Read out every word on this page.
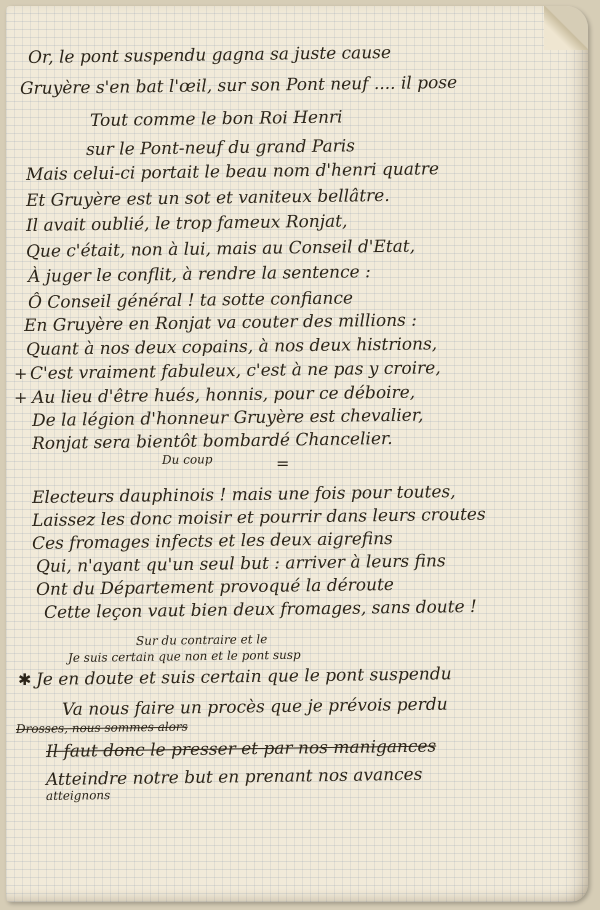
Or, le pont suspendu gagna sa juste cause

Gruyère s'en bat l'œil, sur son Pont neuf .... il pose

Tout comme le bon Roi Henri

sur le Pont-neuf du grand Paris

Mais celui-ci portait le beau nom d'henri quatre

Et Gruyère est un sot et vaniteux bellâtre.

Il avait oublié, le trop fameux Ronjat,

Que c'était, non à lui, mais au Conseil d'Etat,

À juger le conflit, à rendre la sentence :

Ô Conseil général ! ta sotte confiance

En Gruyère en Ronjat va couter des millions :

Quant à nos deux copains, à nos deux histrions,

+ C'est vraiment fabuleux, c'est à ne pas y croire,

+ Au lieu d'être hués, honnis, pour ce déboire,

De la légion d'honneur Gruyère est chevalier,

Ronjat sera bientôt bombardé Chancelier.

Du coup	=

Electeurs dauphinois ! mais une fois pour toutes,

Laissez les donc moisir et pourrir dans leurs croutes

Ces fromages infects et les deux aigrefins

Qui, n'ayant qu'un seul but : arriver à leurs fins

Ont du Département provoqué la déroute

Cette leçon vaut bien deux fromages, sans doute !

Sur du contraire et le

Je suis certain que non et le pont susp

✱ Je en doute et suis certain que le pont suspendu

Va nous faire un procès que je prévois perdu

Drosses, nous sommes alors

Il faut donc le presser et par nos manigances

Atteindre notre but en prenant nos avances

atteignons
